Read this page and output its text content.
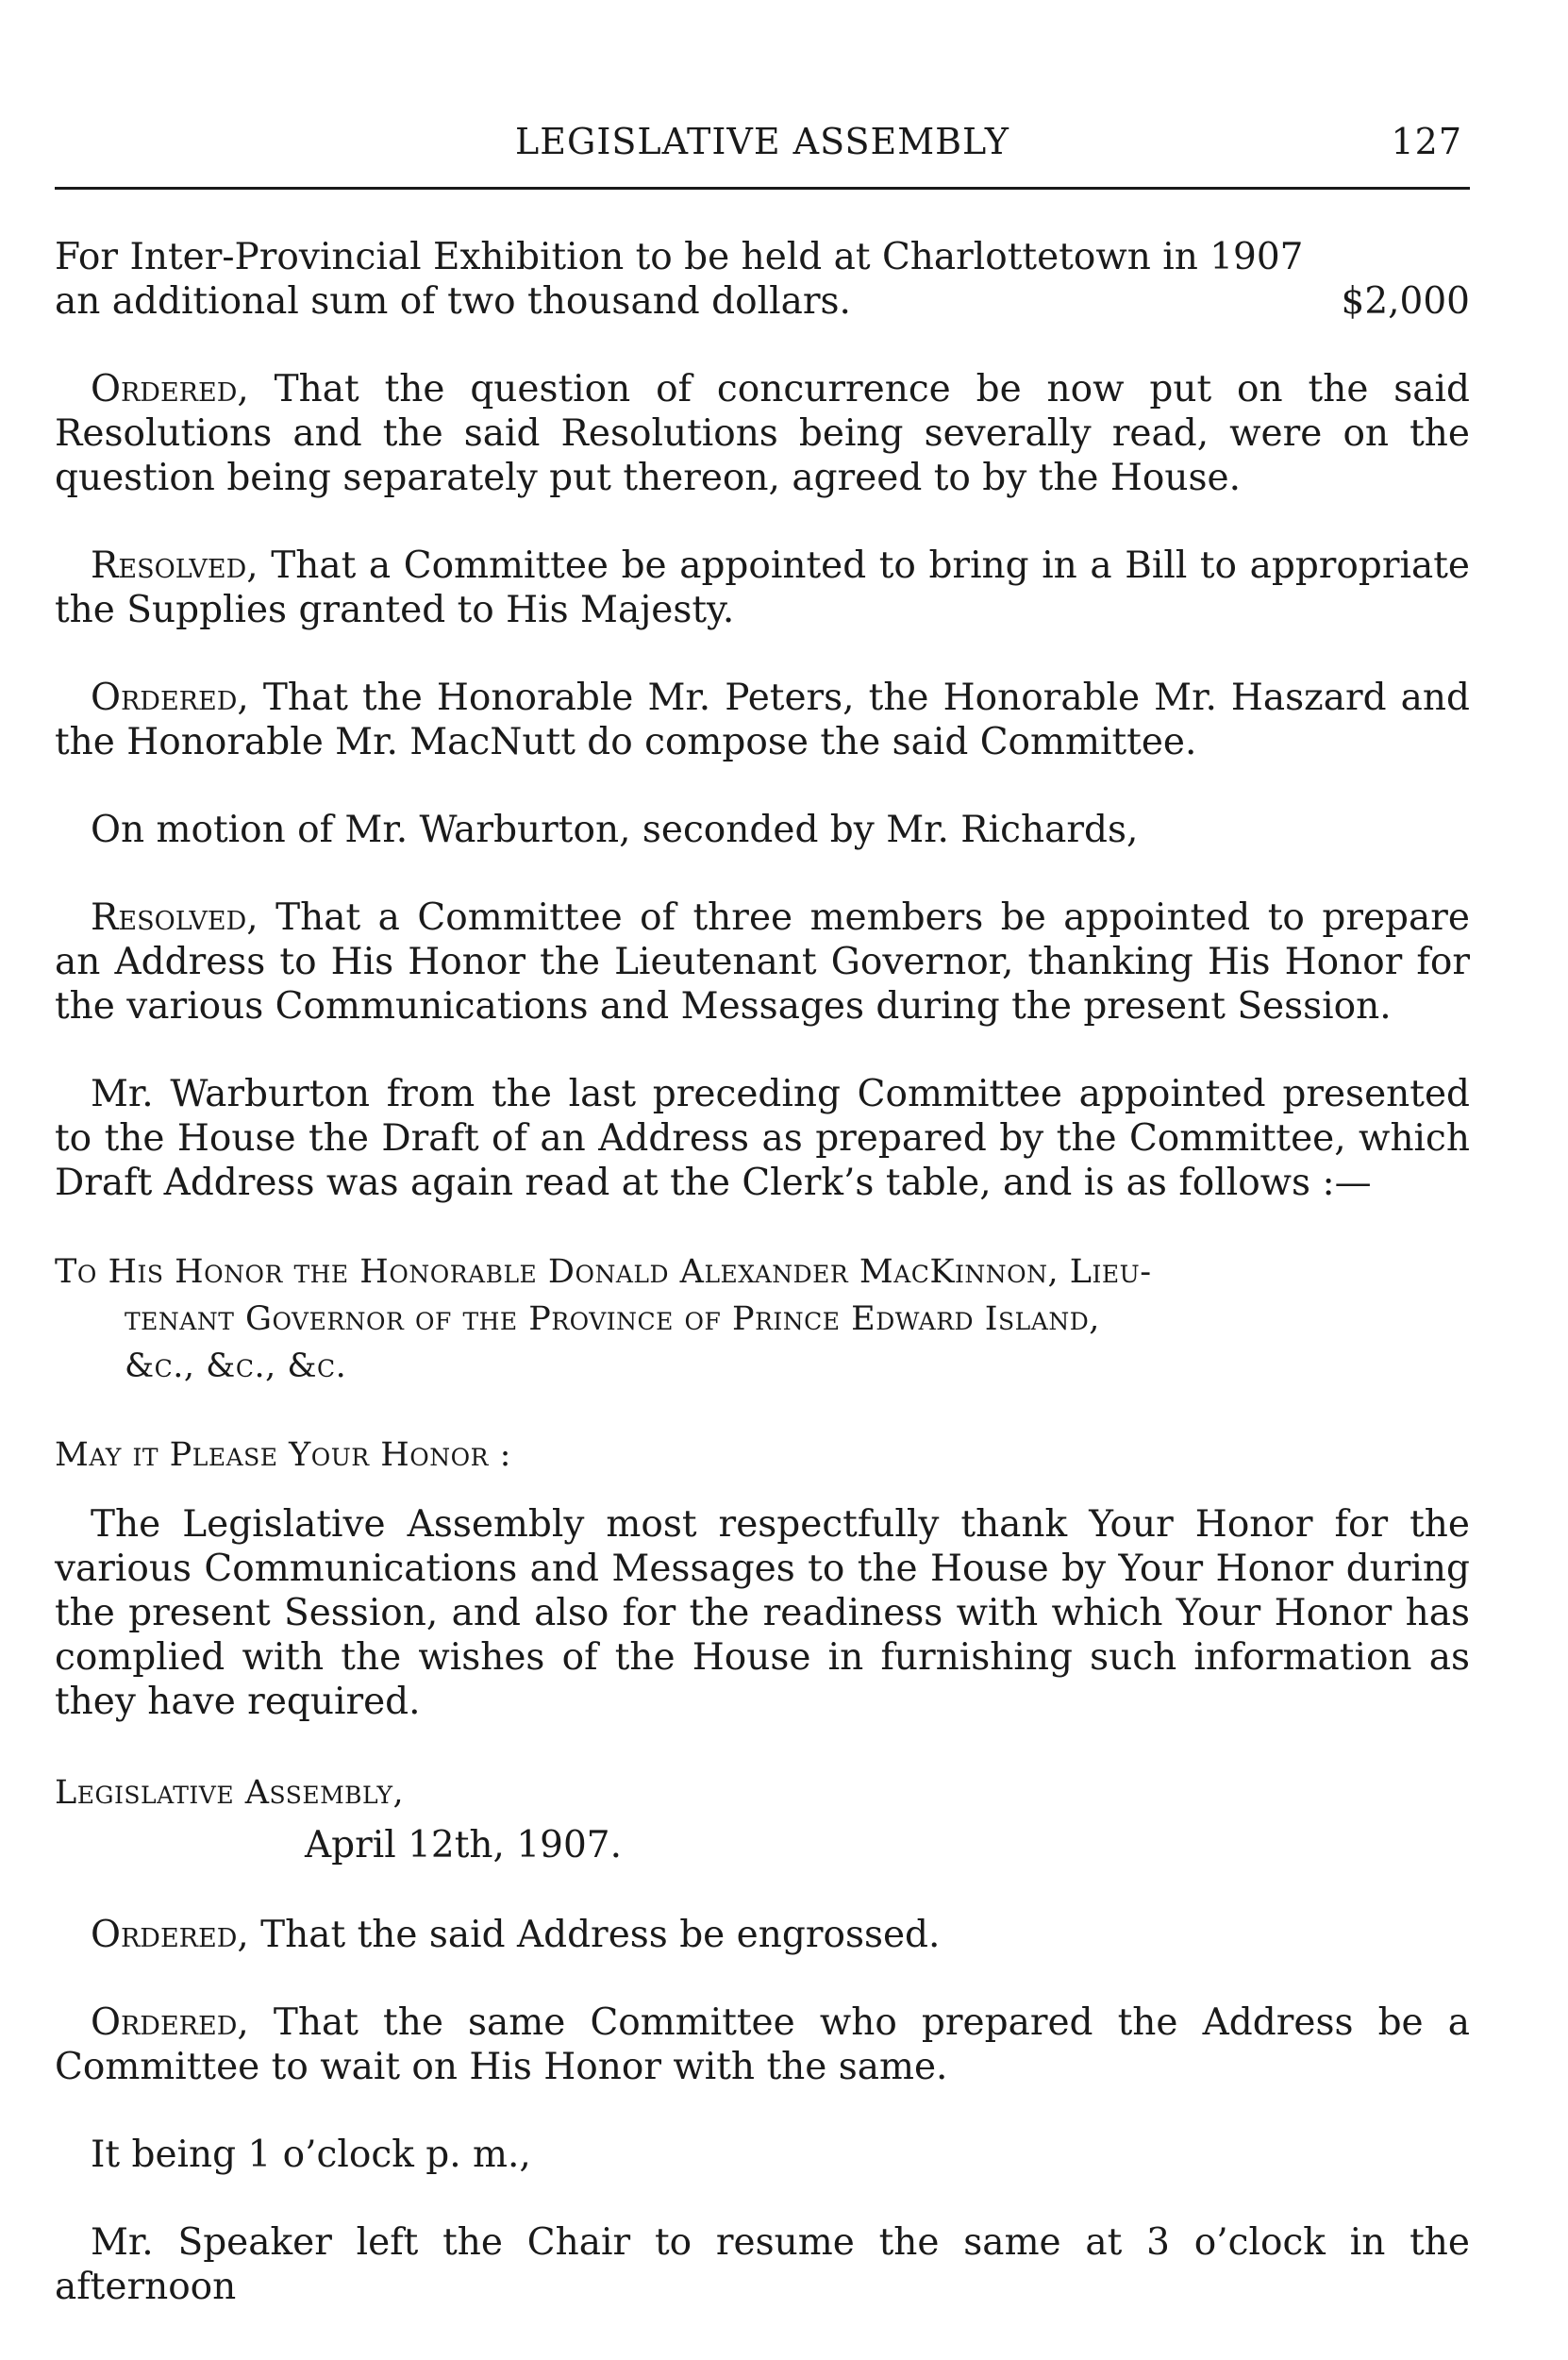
LEGISLATIVE ASSEMBLY	127
For Inter-Provincial Exhibition to be held at Charlottetown in 1907
an additional sum of two thousand dollars.	$2,000

Ordered, That the question of concurrence be now put on the said Resolutions and the said Resolutions being severally read, were on the question being separately put thereon, agreed to by the House.

Resolved, That a Committee be appointed to bring in a Bill to appropriate the Supplies granted to His Majesty.

Ordered, That the Honorable Mr. Peters, the Honorable Mr. Haszard and the Honorable Mr. MacNutt do compose the said Committee.

On motion of Mr. Warburton, seconded by Mr. Richards,

Resolved, That a Committee of three members be appointed to prepare an Address to His Honor the Lieutenant Governor, thanking His Honor for the various Communications and Messages during the present Session.

Mr. Warburton from the last preceding Committee appointed presented to the House the Draft of an Address as prepared by the Committee, which Draft Address was again read at the Clerk’s table, and is as follows :—

To His Honor the Honorable Donald Alexander MacKinnon, Lieu-

tenant Governor of the Province of Prince Edward Island,

&c., &c., &c.

May it Please Your Honor :

The Legislative Assembly most respectfully thank Your Honor for the various Communications and Messages to the House by Your Honor during the present Session, and also for the readiness with which Your Honor has complied with the wishes of the House in furnishing such information as they have required.

Legislative Assembly,
April 12th, 1907.

Ordered, That the said Address be engrossed.

Ordered, That the same Committee who prepared the Address be a Committee to wait on His Honor with the same.

It being 1 o’clock p. m.,

Mr. Speaker left the Chair to resume the same at 3 o’clock in the afternoon
